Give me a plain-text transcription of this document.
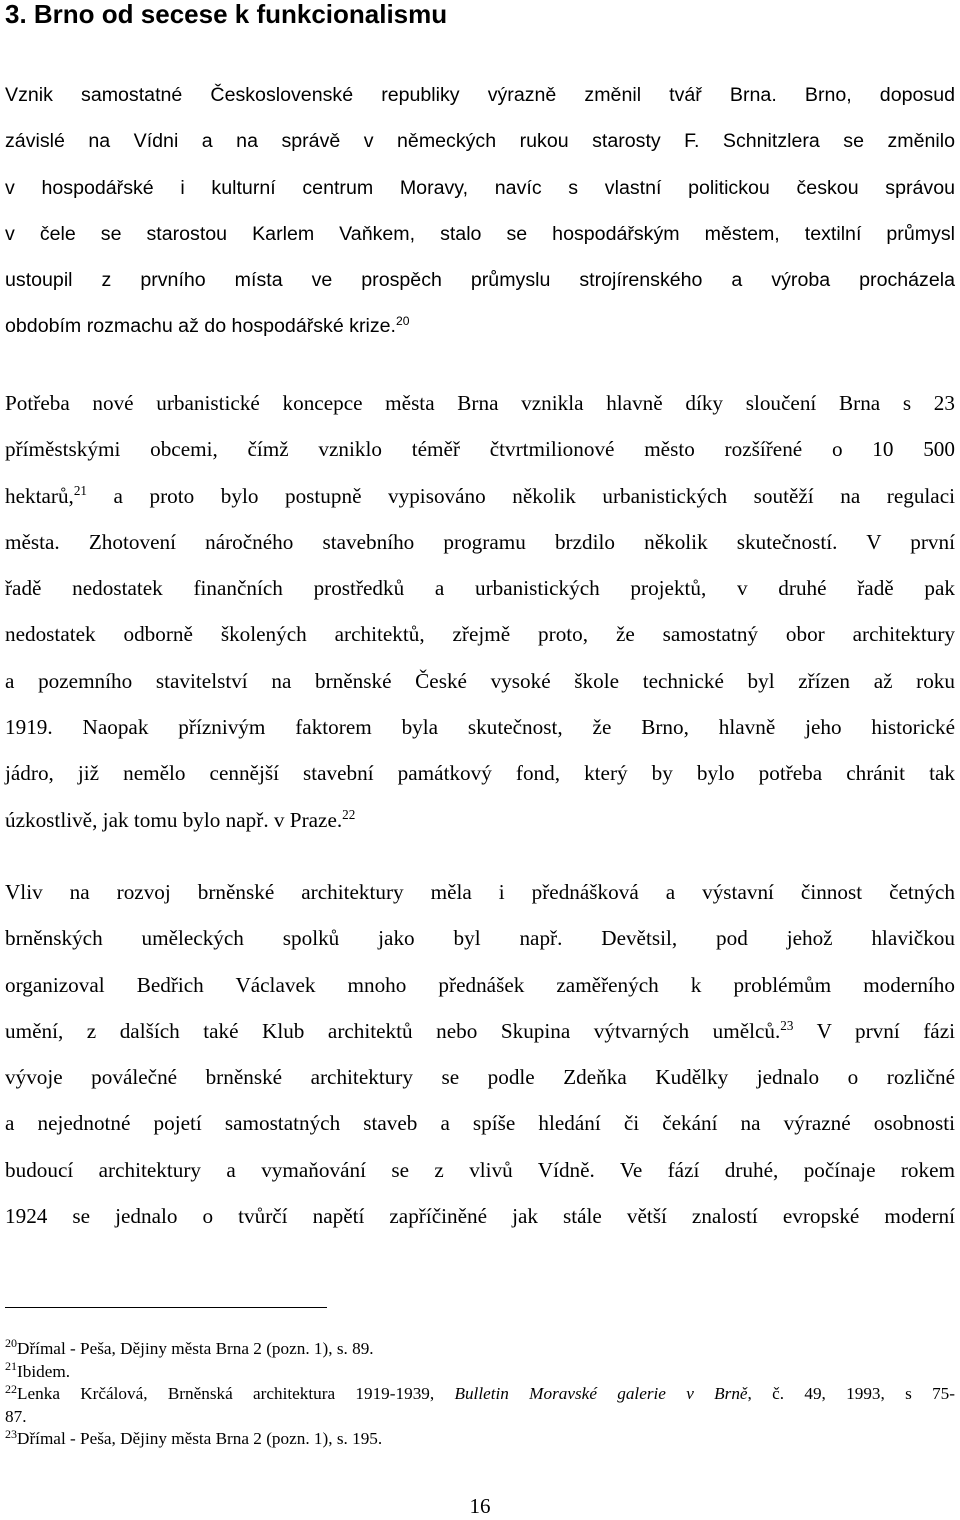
3. Brno od secese k funkcionalismu
Vznik samostatné Československé republiky výrazně změnil tvář Brna. Brno, doposud
závislé na Vídni a na správě v německých rukou starosty F. Schnitzlera se změnilo
v hospodářské i kulturní centrum Moravy, navíc s vlastní politickou českou správou
v čele se starostou Karlem Vaňkem, stalo se hospodářským městem, textilní průmysl
ustoupil z prvního místa ve prospěch průmyslu strojírenského a výroba procházela
obdobím rozmachu až do hospodářské krize.$^{20}$
Potřeba nové urbanistické koncepce města Brna vznikla hlavně díky sloučení Brna s 23
příměstskými obcemi, čímž vzniklo téměř čtvrtmilionové město rozšířené o 10 500
hektarů,$^{21}$ a proto bylo postupně vypisováno několik urbanistických soutěží na regulaci
města. Zhotovení náročného stavebního programu brzdilo několik skutečností. V první
řadě nedostatek finančních prostředků a urbanistických projektů, v druhé řadě pak
nedostatek odborně školených architektů, zřejmě proto, že samostatný obor architektury
a pozemního stavitelství na brněnské České vysoké škole technické byl zřízen až roku
1919. Naopak příznivým faktorem byla skutečnost, že Brno, hlavně jeho historické
jádro, již nemělo cennější stavební památkový fond, který by bylo potřeba chránit tak
úzkostlivě, jak tomu bylo např. v Praze.$^{22}$
Vliv na rozvoj brněnské architektury měla i přednášková a výstavní činnost četných
brněnských uměleckých spolků jako byl např. Devětsil, pod jehož hlavičkou
organizoval Bedřich Václavek mnoho přednášek zaměřených k problémům moderního
umění, z dalších také Klub architektů nebo Skupina výtvarných umělců.$^{23}$ V první fázi
vývoje poválečné brněnské architektury se podle Zdeňka Kudělky jednalo o rozličné
a nejednotné pojetí samostatných staveb a spíše hledání či čekání na výrazné osobnosti
budoucí architektury a vymaňování se z vlivů Vídně. Ve fází druhé, počínaje rokem
1924 se jednalo o tvůrčí napětí zapříčiněné jak stále větší znalostí evropské moderní
$^{20}$Dřímal - Peša, Dějiny města Brna 2 (pozn. 1), s. 89.
$^{21}$Ibidem.
$^{22}$Lenka Krčálová, Brněnská architektura 1919-1939, Bulletin Moravské galerie v Brně, č. 49, 1993, s 75-
87.
$^{23}$Dřímal - Peša, Dějiny města Brna 2 (pozn. 1), s. 195.
16
